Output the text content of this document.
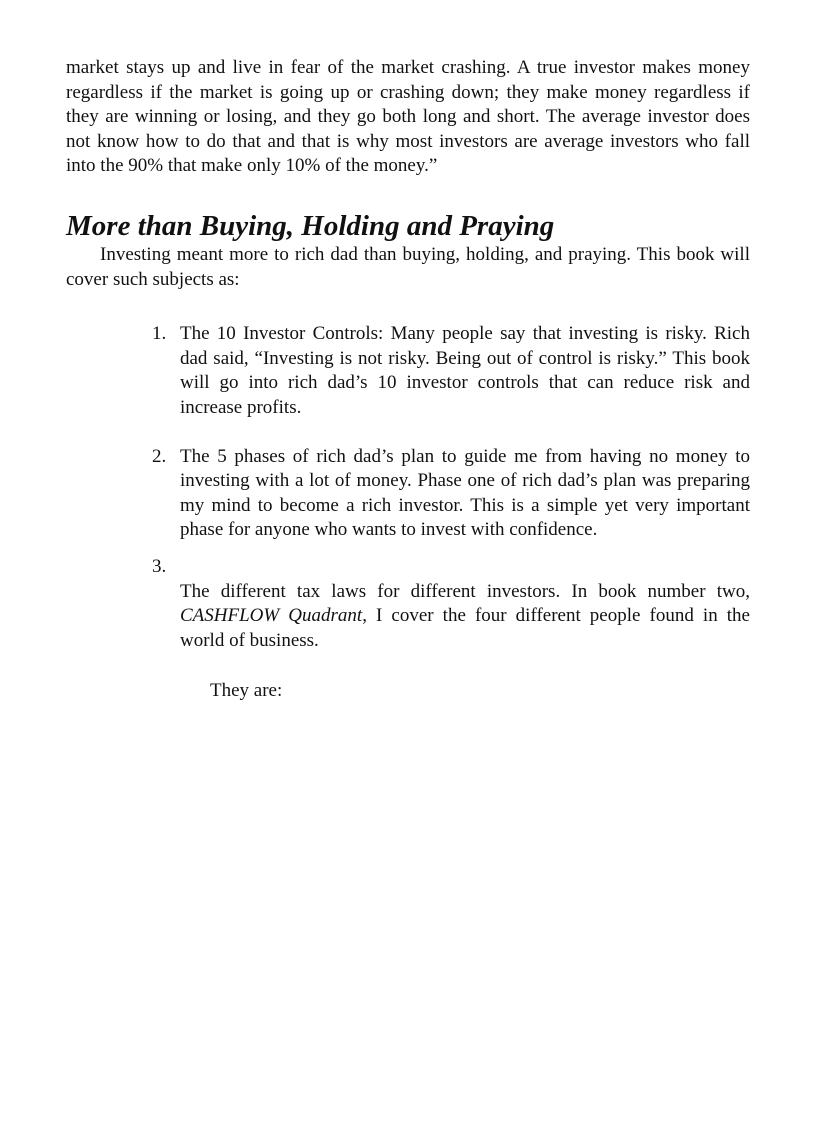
market stays up and live in fear of the market crashing. A true investor makes money regardless if the market is going up or crashing down; they make money regardless if they are winning or losing, and they go both long and short. The average investor does not know how to do that and that is why most investors are average investors who fall into the 90% that make only 10% of the money.”

More than Buying, Holding and Praying

Investing meant more to rich dad than buying, holding, and praying. This book will cover such subjects as:

1. The 10 Investor Controls: Many people say that investing is risky. Rich dad said, “Investing is not risky. Being out of control is risky.” This book will go into rich dad’s 10 investor controls that can reduce risk and increase profits.

2. The 5 phases of rich dad’s plan to guide me from having no money to investing with a lot of money. Phase one of rich dad’s plan was preparing my mind to become a rich investor. This is a simple yet very important phase for anyone who wants to invest with confidence.

3.

The different tax laws for different investors. In book number two, CASHFLOW Quadrant, I cover the four different people found in the world of business.

They are:
